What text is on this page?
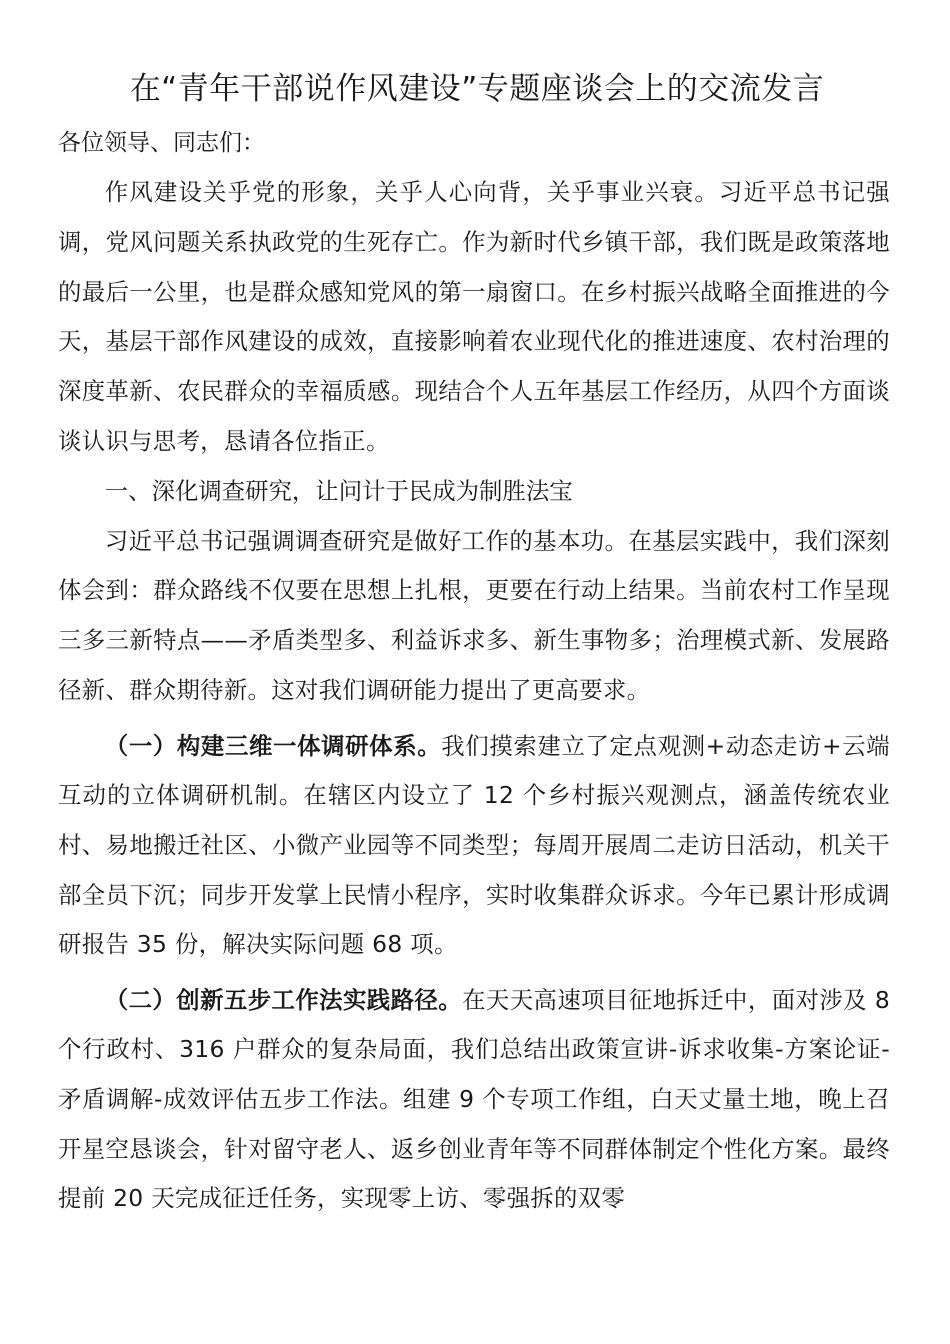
在“青年干部说作风建设”专题座谈会上的交流发言

各位领导、同志们：

作风建设关乎党的形象，关乎人心向背，关乎事业兴衰。习近平总书记强调，党风问题关系执政党的生死存亡。作为新时代乡镇干部，我们既是政策落地的最后一公里，也是群众感知党风的第一扇窗口。在乡村振兴战略全面推进的今天，基层干部作风建设的成效，直接影响着农业现代化的推进速度、农村治理的深度革新、农民群众的幸福质感。现结合个人五年基层工作经历，从四个方面谈谈认识与思考，恳请各位指正。

一、深化调查研究，让问计于民成为制胜法宝

习近平总书记强调调查研究是做好工作的基本功。在基层实践中，我们深刻体会到：群众路线不仅要在思想上扎根，更要在行动上结果。当前农村工作呈现三多三新特点——矛盾类型多、利益诉求多、新生事物多；治理模式新、发展路径新、群众期待新。这对我们调研能力提出了更高要求。

（一）构建三维一体调研体系。我们摸索建立了定点观测+动态走访+云端互动的立体调研机制。在辖区内设立了 12 个乡村振兴观测点，涵盖传统农业村、易地搬迁社区、小微产业园等不同类型；每周开展周二走访日活动，机关干部全员下沉；同步开发掌上民情小程序，实时收集群众诉求。今年已累计形成调研报告 35 份，解决实际问题 68 项。

（二）创新五步工作法实践路径。在天天高速项目征地拆迁中，面对涉及 8 个行政村、316 户群众的复杂局面，我们总结出政策宣讲-诉求收集-方案论证-矛盾调解-成效评估五步工作法。组建 9 个专项工作组，白天丈量土地，晚上召开星空恳谈会，针对留守老人、返乡创业青年等不同群体制定个性化方案。最终提前 20 天完成征迁任务，实现零上访、零强拆的双零
